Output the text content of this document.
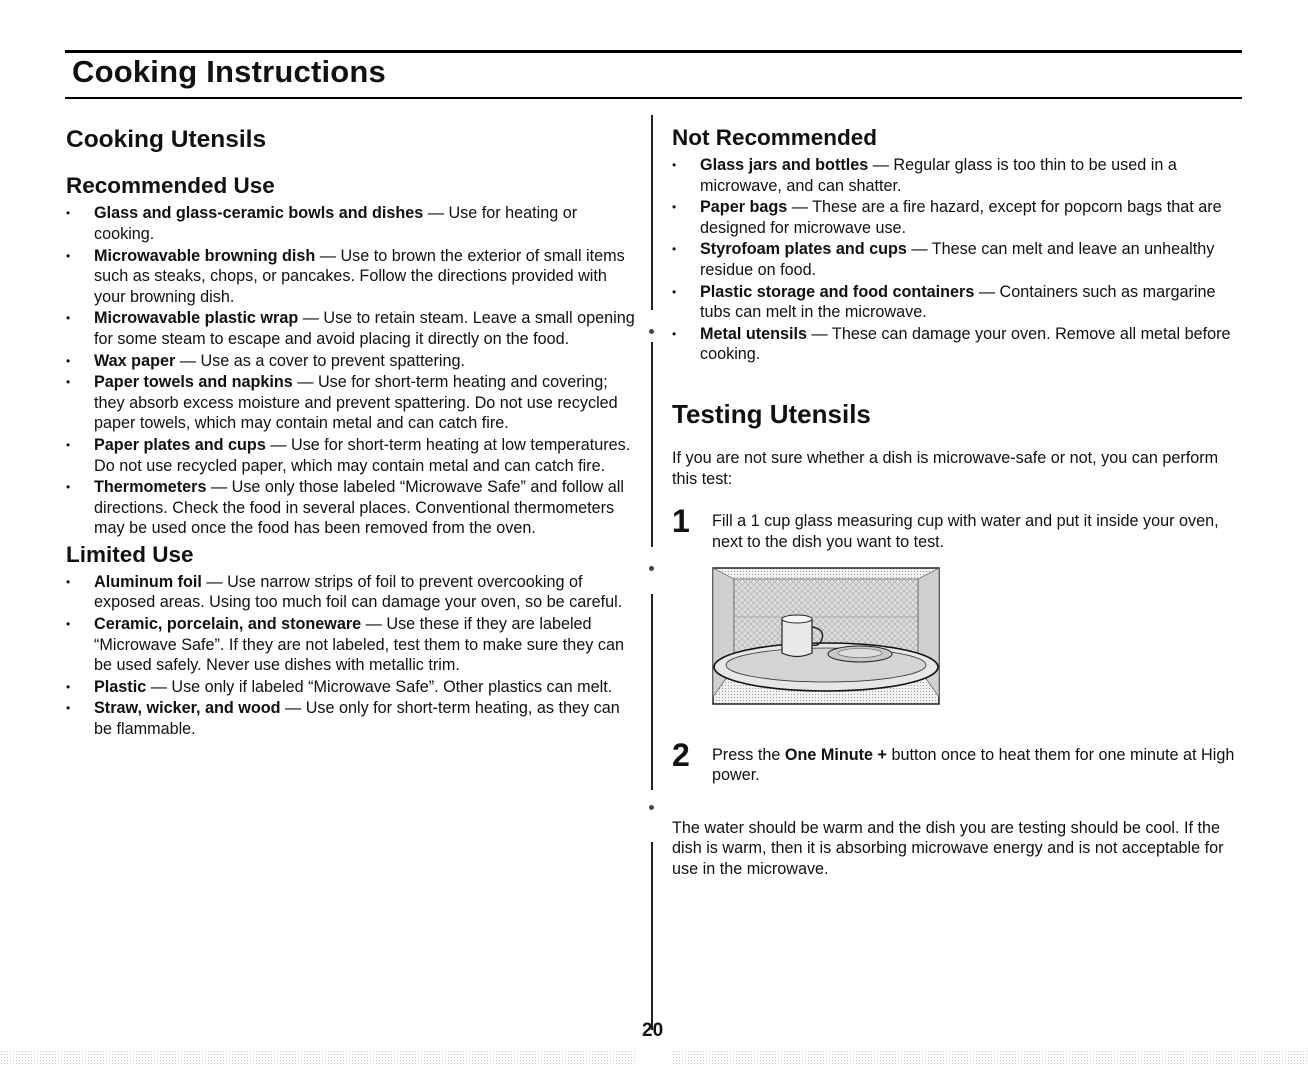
Cooking Instructions
Cooking Utensils
Recommended Use
• Glass and glass-ceramic bowls and dishes — Use for heating or cooking.
• Microwavable browning dish — Use to brown the exterior of small items such as steaks, chops, or pancakes. Follow the directions provided with your browning dish.
• Microwavable plastic wrap — Use to retain steam. Leave a small opening for some steam to escape and avoid placing it directly on the food.
• Wax paper — Use as a cover to prevent spattering.
• Paper towels and napkins — Use for short-term heating and covering; they absorb excess moisture and prevent spattering. Do not use recycled paper towels, which may contain metal and can catch fire.
• Paper plates and cups — Use for short-term heating at low temperatures. Do not use recycled paper, which may contain metal and can catch fire.
• Thermometers — Use only those labeled “Microwave Safe” and follow all directions. Check the food in several places. Conventional thermometers may be used once the food has been removed from the oven.
Limited Use
• Aluminum foil — Use narrow strips of foil to prevent overcooking of exposed areas. Using too much foil can damage your oven, so be careful.
• Ceramic, porcelain, and stoneware — Use these if they are labeled “Microwave Safe”. If they are not labeled, test them to make sure they can be used safely. Never use dishes with metallic trim.
• Plastic — Use only if labeled “Microwave Safe”. Other plastics can melt.
• Straw, wicker, and wood — Use only for short-term heating, as they can be flammable.
Not Recommended
• Glass jars and bottles — Regular glass is too thin to be used in a microwave, and can shatter.
• Paper bags — These are a fire hazard, except for popcorn bags that are designed for microwave use.
• Styrofoam plates and cups — These can melt and leave an unhealthy residue on food.
• Plastic storage and food containers — Containers such as margarine tubs can melt in the microwave.
• Metal utensils — These can damage your oven. Remove all metal before cooking.
Testing Utensils

If you are not sure whether a dish is microwave-safe or not, you can perform this test:

1 Fill a 1 cup glass measuring cup with water and put it inside your oven, next to the dish you want to test.
2 Press the One Minute + button once to heat them for one minute at High power.

The water should be warm and the dish you are testing should be cool. If the dish is warm, then it is absorbing microwave energy and is not acceptable for use in the microwave.

20
